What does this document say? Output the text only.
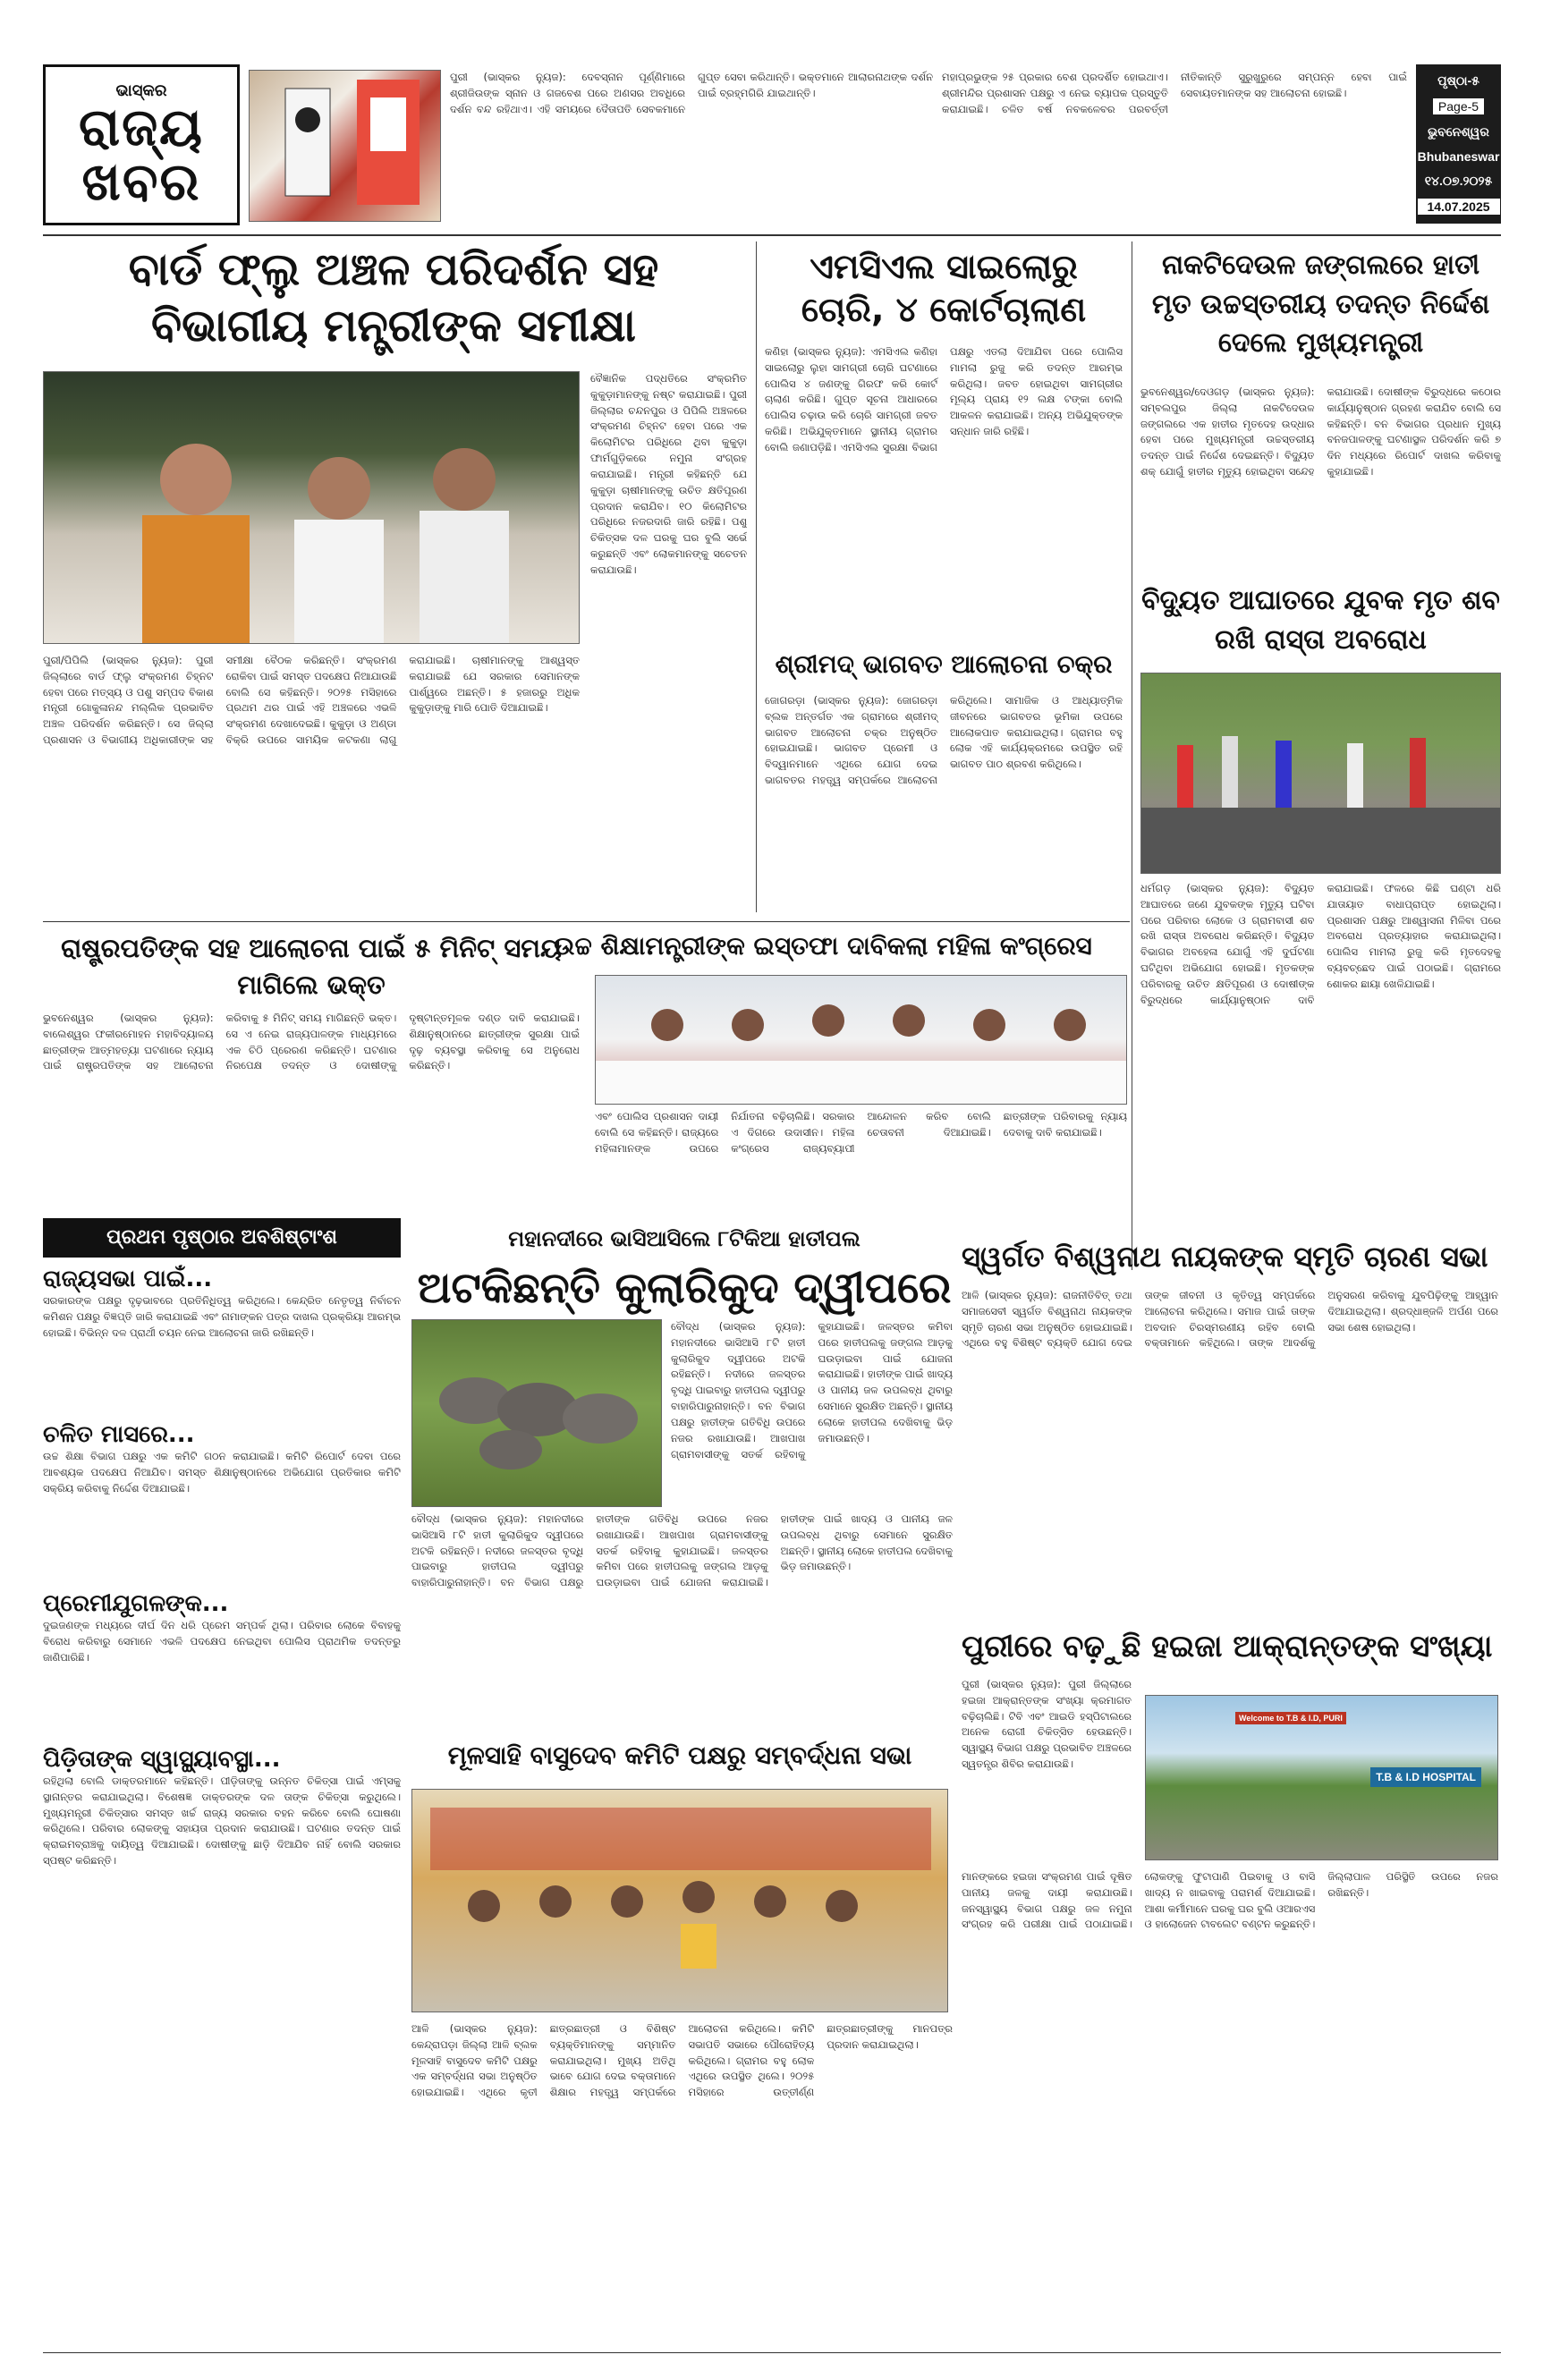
ଭାସ୍କର
ରାଜ୍ୟ
ଖବର
ପୁରୀ (ଭାସ୍କର ନ୍ୟୁଜ): ଦେବସ୍ନାନ ପୂର୍ଣ୍ଣିମାରେ ଶ୍ରୀଜିଉଙ୍କ ସ୍ନାନ ଓ ଗଜବେଶ ପରେ ଅଣସର ଅବଧିରେ ଦର୍ଶନ ବନ୍ଦ ରହିଥାଏ। ଏହି ସମୟରେ ଦୈତାପତି ସେବକମାନେ ଗୁପ୍ତ ସେବା କରିଥାନ୍ତି। ଭକ୍ତମାନେ ଆଲାରନାଥଙ୍କ ଦର୍ଶନ ପାଇଁ ବ୍ରହ୍ମଗିରି ଯାଇଥାନ୍ତି।
ମହାପ୍ରଭୁଙ୍କ ୨୫ ପ୍ରକାର ବେଶ ପ୍ରଦର୍ଶିତ ହୋଇଥାଏ। ଶ୍ରୀମନ୍ଦିର ପ୍ରଶାସନ ପକ୍ଷରୁ ଏ ନେଇ ବ୍ୟାପକ ପ୍ରସ୍ତୁତି କରାଯାଇଛି। ଚଳିତ ବର୍ଷ ନବକଳେବର ପରବର୍ତ୍ତୀ ନୀତିକାନ୍ତି ସୁରୁଖୁରୁରେ ସମ୍ପନ୍ନ ହେବା ପାଇଁ ସେବାୟତମାନଙ୍କ ସହ ଆଲୋଚନା ହୋଇଛି।
ପୃଷ୍ଠା-୫
Page-5
ଭୁବନେଶ୍ୱର
Bhubaneswar
୧୪.୦୭.୨୦୨୫
14.07.2025
ବାର୍ଡ ଫ୍ଲୁ ଅଞ୍ଚଳ ପରିଦର୍ଶନ ସହ ବିଭାଗୀୟ ମନ୍ତ୍ରୀଙ୍କ ସମୀକ୍ଷା
ବୈଜ୍ଞାନିକ ପଦ୍ଧତିରେ ସଂକ୍ରମିତ କୁକୁଡ଼ାମାନଙ୍କୁ ନଷ୍ଟ କରାଯାଇଛି। ପୁରୀ ଜିଲ୍ଲାର ଚନ୍ଦନପୁର ଓ ପିପିଲି ଅଞ୍ଚଳରେ ସଂକ୍ରମଣ ଚିହ୍ନଟ ହେବା ପରେ ଏକ କିଲୋମିଟର ପରିଧିରେ ଥିବା କୁକୁଡ଼ା ଫାର୍ମଗୁଡ଼ିକରେ ନମୁନା ସଂଗ୍ରହ କରାଯାଇଛି। ମନ୍ତ୍ରୀ କହିଛନ୍ତି ଯେ କୁକୁଡ଼ା ଚାଷୀମାନଙ୍କୁ ଉଚିତ କ୍ଷତିପୂରଣ ପ୍ରଦାନ କରାଯିବ। ୧୦ କିଲୋମିଟର ପରିଧିରେ ନଜରଦାରି ଜାରି ରହିଛି। ପଶୁ ଚିକିତ୍ସକ ଦଳ ଘରକୁ ଘର ବୁଲି ସର୍ଭେ କରୁଛନ୍ତି ଏବଂ ଲୋକମାନଙ୍କୁ ସଚେତନ କରାଯାଉଛି।
ପୁରୀ/ପିପିଲି (ଭାସ୍କର ନ୍ୟୁଜ): ପୁରୀ ଜିଲ୍ଲାରେ ବାର୍ଡ ଫ୍ଲୁ ସଂକ୍ରମଣ ଚିହ୍ନଟ ହେବା ପରେ ମତ୍ସ୍ୟ ଓ ପଶୁ ସମ୍ପଦ ବିକାଶ ମନ୍ତ୍ରୀ ଗୋକୁଳାନନ୍ଦ ମଲ୍ଲିକ ପ୍ରଭାବିତ ଅଞ୍ଚଳ ପରିଦର୍ଶନ କରିଛନ୍ତି। ସେ ଜିଲ୍ଲା ପ୍ରଶାସନ ଓ ବିଭାଗୀୟ ଅଧିକାରୀଙ୍କ ସହ ସମୀକ୍ଷା ବୈଠକ କରିଛନ୍ତି। ସଂକ୍ରମଣ ରୋକିବା ପାଇଁ ସମସ୍ତ ପଦକ୍ଷେପ ନିଆଯାଉଛି ବୋଲି ସେ କହିଛନ୍ତି। ୨୦୨୫ ମସିହାରେ ପ୍ରଥମ ଥର ପାଇଁ ଏହି ଅଞ୍ଚଳରେ ଏଭଳି ସଂକ୍ରମଣ ଦେଖାଦେଇଛି। କୁକୁଡ଼ା ଓ ଅଣ୍ଡା ବିକ୍ରି ଉପରେ ସାମୟିକ କଟକଣା ଲାଗୁ କରାଯାଇଛି। ଚାଷୀମାନଙ୍କୁ ଆଶ୍ୱସ୍ତ କରାଯାଇଛି ଯେ ସରକାର ସେମାନଙ୍କ ପାର୍ଶ୍ୱରେ ଅଛନ୍ତି। ୫ ହଜାରରୁ ଅଧିକ କୁକୁଡ଼ାଙ୍କୁ ମାରି ପୋତି ଦିଆଯାଇଛି।
ଏମସିଏଲ ସାଇଲୋରୁ ଚୋରି, ୪ କୋର୍ଟଚାଲାଣ
କଣିହା (ଭାସ୍କର ନ୍ୟୁଜ): ଏମସିଏଲ କଣିହା ସାଇଲୋରୁ ଲୁହା ସାମଗ୍ରୀ ଚୋରି ଘଟଣାରେ ପୋଲିସ ୪ ଜଣଙ୍କୁ ଗିରଫ କରି କୋର୍ଟ ଚାଲାଣ କରିଛି। ଗୁପ୍ତ ସୂଚନା ଆଧାରରେ ପୋଲିସ ଚଢ଼ାଉ କରି ଚୋରି ସାମଗ୍ରୀ ଜବତ କରିଛି। ଅଭିଯୁକ୍ତମାନେ ସ୍ଥାନୀୟ ଗ୍ରାମର ବୋଲି ଜଣାପଡ଼ିଛି। ଏମସିଏଲ ସୁରକ୍ଷା ବିଭାଗ ପକ୍ଷରୁ ଏତଲା ଦିଆଯିବା ପରେ ପୋଲିସ ମାମଲା ରୁଜୁ କରି ତଦନ୍ତ ଆରମ୍ଭ କରିଥିଲା। ଜବତ ହୋଇଥିବା ସାମଗ୍ରୀର ମୂଲ୍ୟ ପ୍ରାୟ ୧୨ ଲକ୍ଷ ଟଙ୍କା ବୋଲି ଆକଳନ କରାଯାଇଛି। ଅନ୍ୟ ଅଭିଯୁକ୍ତଙ୍କ ସନ୍ଧାନ ଜାରି ରହିଛି।
ନାକଟିଦେଉଳ ଜଙ୍ଗଲରେ ହାତୀ ମୃତ ଉଚ୍ଚସ୍ତରୀୟ ତଦନ୍ତ ନିର୍ଦ୍ଦେଶ ଦେଲେ ମୁଖ୍ୟମନ୍ତ୍ରୀ
ଭୁବନେଶ୍ୱର/ଦେଓଗଡ଼ (ଭାସ୍କର ନ୍ୟୁଜ): ସମ୍ବଲପୁର ଜିଲ୍ଲା ନାକଟିଦେଉଳ ଜଙ୍ଗଲରେ ଏକ ହାତୀର ମୃତଦେହ ଉଦ୍ଧାର ହେବା ପରେ ମୁଖ୍ୟମନ୍ତ୍ରୀ ଉଚ୍ଚସ୍ତରୀୟ ତଦନ୍ତ ପାଇଁ ନିର୍ଦ୍ଦେଶ ଦେଇଛନ୍ତି। ବିଦ୍ୟୁତ ଶକ୍ ଯୋଗୁଁ ହାତୀର ମୃତ୍ୟୁ ହୋଇଥିବା ସନ୍ଦେହ କରାଯାଉଛି। ଦୋଷୀଙ୍କ ବିରୁଦ୍ଧରେ କଠୋର କାର୍ଯ୍ୟାନୁଷ୍ଠାନ ଗ୍ରହଣ କରାଯିବ ବୋଲି ସେ କହିଛନ୍ତି। ବନ ବିଭାଗର ପ୍ରଧାନ ମୁଖ୍ୟ ବନଜପାଳଙ୍କୁ ଘଟଣାସ୍ଥଳ ପରିଦର୍ଶନ କରି ୭ ଦିନ ମଧ୍ୟରେ ରିପୋର୍ଟ ଦାଖଲ କରିବାକୁ କୁହାଯାଇଛି।
ବିଦ୍ୟୁତ ଆଘାତରେ ଯୁବକ ମୃତ ଶବ ରଖି ରାସ୍ତା ଅବରୋଧ
ଧର୍ମଗଡ଼ (ଭାସ୍କର ନ୍ୟୁଜ): ବିଦ୍ୟୁତ ଆଘାତରେ ଜଣେ ଯୁବକଙ୍କ ମୃତ୍ୟୁ ଘଟିବା ପରେ ପରିବାର ଲୋକେ ଓ ଗ୍ରାମବାସୀ ଶବ ରଖି ରାସ୍ତା ଅବରୋଧ କରିଛନ୍ତି। ବିଦ୍ୟୁତ ବିଭାଗର ଅବହେଳା ଯୋଗୁଁ ଏହି ଦୁର୍ଘଟଣା ଘଟିଥିବା ଅଭିଯୋଗ ହୋଇଛି। ମୃତକଙ୍କ ପରିବାରକୁ ଉଚିତ କ୍ଷତିପୂରଣ ଓ ଦୋଷୀଙ୍କ ବିରୁଦ୍ଧରେ କାର୍ଯ୍ୟାନୁଷ୍ଠାନ ଦାବି କରାଯାଇଛି। ଫଳରେ କିଛି ଘଣ୍ଟା ଧରି ଯାତାୟାତ ବାଧାପ୍ରାପ୍ତ ହୋଇଥିଲା। ପ୍ରଶାସନ ପକ୍ଷରୁ ଆଶ୍ୱାସନା ମିଳିବା ପରେ ଅବରୋଧ ପ୍ରତ୍ୟାହାର କରାଯାଇଥିଲା। ପୋଲିସ ମାମଲା ରୁଜୁ କରି ମୃତଦେହକୁ ବ୍ୟବଚ୍ଛେଦ ପାଇଁ ପଠାଇଛି। ଗ୍ରାମରେ ଶୋକର ଛାୟା ଖେଳିଯାଇଛି।
ଶ୍ରୀମଦ୍ ଭାଗବତ ଆଲୋଚନା ଚକ୍ର
ଜୋଗରଡ଼ା (ଭାସ୍କର ନ୍ୟୁଜ): ଜୋଗରଡ଼ା ବ୍ଲକ ଅନ୍ତର୍ଗତ ଏକ ଗ୍ରାମରେ ଶ୍ରୀମଦ୍ ଭାଗବତ ଆଲୋଚନା ଚକ୍ର ଅନୁଷ୍ଠିତ ହୋଇଯାଇଛି। ଭାଗବତ ପ୍ରେମୀ ଓ ବିଦ୍ୱାନମାନେ ଏଥିରେ ଯୋଗ ଦେଇ ଭାଗବତର ମହତ୍ତ୍ୱ ସମ୍ପର୍କରେ ଆଲୋଚନା କରିଥିଲେ। ସାମାଜିକ ଓ ଆଧ୍ୟାତ୍ମିକ ଜୀବନରେ ଭାଗବତର ଭୂମିକା ଉପରେ ଆଲୋକପାତ କରାଯାଇଥିଲା। ଗ୍ରାମର ବହୁ ଲୋକ ଏହି କାର୍ଯ୍ୟକ୍ରମରେ ଉପସ୍ଥିତ ରହି ଭାଗବତ ପାଠ ଶ୍ରବଣ କରିଥିଲେ।
ରାଷ୍ଟ୍ରପତିଙ୍କ ସହ ଆଲୋଚନା ପାଇଁ ୫ ମିନିଟ୍ ସମୟ ମାଗିଲେ ଭକ୍ତ
ଭୁବନେଶ୍ୱର (ଭାସ୍କର ନ୍ୟୁଜ): ବାଲେଶ୍ୱର ଫକୀରମୋହନ ମହାବିଦ୍ୟାଳୟ ଛାତ୍ରୀଙ୍କ ଆତ୍ମହତ୍ୟା ଘଟଣାରେ ନ୍ୟାୟ ପାଇଁ ରାଷ୍ଟ୍ରପତିଙ୍କ ସହ ଆଲୋଚନା କରିବାକୁ ୫ ମିନିଟ୍ ସମୟ ମାଗିଛନ୍ତି ଭକ୍ତ। ସେ ଏ ନେଇ ରାଜ୍ୟପାଳଙ୍କ ମାଧ୍ୟମରେ ଏକ ଚିଠି ପ୍ରେରଣ କରିଛନ୍ତି। ଘଟଣାର ନିରପେକ୍ଷ ତଦନ୍ତ ଓ ଦୋଷୀଙ୍କୁ ଦୃଷ୍ଟାନ୍ତମୂଳକ ଦଣ୍ଡ ଦାବି କରାଯାଇଛି। ଶିକ୍ଷାନୁଷ୍ଠାନରେ ଛାତ୍ରୀଙ୍କ ସୁରକ୍ଷା ପାଇଁ ଦୃଢ଼ ବ୍ୟବସ୍ଥା କରିବାକୁ ସେ ଅନୁରୋଧ କରିଛନ୍ତି।
ଉଚ୍ଚ ଶିକ୍ଷାମନ୍ତ୍ରୀଙ୍କ ଇସ୍ତଫା ଦାବିକଲା ମହିଳା କଂଗ୍ରେସ
ଏବଂ ପୋଲିସ ପ୍ରଶାସନ ଦାୟୀ ବୋଲି ସେ କହିଛନ୍ତି। ରାଜ୍ୟରେ ମହିଳାମାନଙ୍କ ଉପରେ ନିର୍ଯାତନା ବଢ଼ିଚାଲିଛି। ସରକାର ଏ ଦିଗରେ ଉଦାସୀନ। ମହିଳା କଂଗ୍ରେସ ରାଜ୍ୟବ୍ୟାପୀ ଆନ୍ଦୋଳନ କରିବ ବୋଲି ଚେତାବନୀ ଦିଆଯାଇଛି। ଛାତ୍ରୀଙ୍କ ପରିବାରକୁ ନ୍ୟାୟ ଦେବାକୁ ଦାବି କରାଯାଇଛି।
ପ୍ରଥମ ପୃଷ୍ଠାର ଅବଶିଷ୍ଟାଂଶ
ରାଜ୍ୟସଭା ପାଇଁ...
ସରକାରଙ୍କ ପକ୍ଷରୁ ଦୃଢ଼ଭାବରେ ପ୍ରତିନିଧିତ୍ୱ କରିଥିଲେ। କେନ୍ଦ୍ରିତ ନେତୃତ୍ୱ ନିର୍ବାଚନ କମିଶନ ପକ୍ଷରୁ ବିଜ୍ଞପ୍ତି ଜାରି କରାଯାଇଛି ଏବଂ ନାମାଙ୍କନ ପତ୍ର ଦାଖଲ ପ୍ରକ୍ରିୟା ଆରମ୍ଭ ହୋଇଛି। ବିଭିନ୍ନ ଦଳ ପ୍ରାର୍ଥୀ ଚୟନ ନେଇ ଆଲୋଚନା ଜାରି ରଖିଛନ୍ତି।
ଚଳିତ ମାସରେ...
ଉଚ୍ଚ ଶିକ୍ଷା ବିଭାଗ ପକ୍ଷରୁ ଏକ କମିଟି ଗଠନ କରାଯାଇଛି। କମିଟି ରିପୋର୍ଟ ଦେବା ପରେ ଆବଶ୍ୟକ ପଦକ୍ଷେପ ନିଆଯିବ। ସମସ୍ତ ଶିକ୍ଷାନୁଷ୍ଠାନରେ ଅଭିଯୋଗ ପ୍ରତିକାର କମିଟି ସକ୍ରିୟ କରିବାକୁ ନିର୍ଦ୍ଦେଶ ଦିଆଯାଇଛି।
ପ୍ରେମୀଯୁଗଳଙ୍କ...
ଦୁଇଜଣଙ୍କ ମଧ୍ୟରେ ଦୀର୍ଘ ଦିନ ଧରି ପ୍ରେମ ସମ୍ପର୍କ ଥିଲା। ପରିବାର ଲୋକେ ବିବାହକୁ ବିରୋଧ କରିବାରୁ ସେମାନେ ଏଭଳି ପଦକ୍ଷେପ ନେଇଥିବା ପୋଲିସ ପ୍ରାଥମିକ ତଦନ୍ତରୁ ଜାଣିପାରିଛି।
ପିଡ଼ିତାଙ୍କ ସ୍ୱାସ୍ଥ୍ୟାବସ୍ଥା...
ରହିଥିଲା ବୋଲି ଡାକ୍ତରମାନେ କହିଛନ୍ତି। ପୀଡ଼ିତାଙ୍କୁ ଉନ୍ନତ ଚିକିତ୍ସା ପାଇଁ ଏମ୍ସକୁ ସ୍ଥାନାନ୍ତର କରାଯାଇଥିଲା। ବିଶେଷଜ୍ଞ ଡାକ୍ତରଙ୍କ ଦଳ ତାଙ୍କ ଚିକିତ୍ସା କରୁଥିଲେ। ମୁଖ୍ୟମନ୍ତ୍ରୀ ଚିକିତ୍ସାର ସମସ୍ତ ଖର୍ଚ୍ଚ ରାଜ୍ୟ ସରକାର ବହନ କରିବେ ବୋଲି ଘୋଷଣା କରିଥିଲେ। ପରିବାର ଲୋକଙ୍କୁ ସହାୟତା ପ୍ରଦାନ କରାଯାଉଛି। ଘଟଣାର ତଦନ୍ତ ପାଇଁ କ୍ରାଇମବ୍ରାଞ୍ଚକୁ ଦାୟିତ୍ୱ ଦିଆଯାଇଛି। ଦୋଷୀଙ୍କୁ ଛାଡ଼ି ଦିଆଯିବ ନାହିଁ ବୋଲି ସରକାର ସ୍ପଷ୍ଟ କରିଛନ୍ତି।
ମହାନଦୀରେ ଭାସିଆସିଲେ ୮ଟିକିଆ ହାତୀପଲ
ଅଟକିଛନ୍ତି କୁଲାରିକୁଦ ଦ୍ୱୀପରେ
ବୌଦ୍ଧ (ଭାସ୍କର ନ୍ୟୁଜ): ମହାନଦୀରେ ଭାସିଆସି ୮ଟି ହାତୀ କୁଲାରିକୁଦ ଦ୍ୱୀପରେ ଅଟକି ରହିଛନ୍ତି। ନଦୀରେ ଜଳସ୍ତର ବୃଦ୍ଧି ପାଇବାରୁ ହାତୀପଲ ଦ୍ୱୀପରୁ ବାହାରିପାରୁନାହାନ୍ତି। ବନ ବିଭାଗ ପକ୍ଷରୁ ହାତୀଙ୍କ ଗତିବିଧି ଉପରେ ନଜର ରଖାଯାଉଛି। ଆଖପାଖ ଗ୍ରାମବାସୀଙ୍କୁ ସତର୍କ ରହିବାକୁ କୁହାଯାଇଛି। ଜଳସ୍ତର କମିବା ପରେ ହାତୀପଲକୁ ଜଙ୍ଗଲ ଆଡ଼କୁ ଘଉଡ଼ାଇବା ପାଇଁ ଯୋଜନା କରାଯାଇଛି। ହାତୀଙ୍କ ପାଇଁ ଖାଦ୍ୟ ଓ ପାନୀୟ ଜଳ ଉପଲବ୍ଧ ଥିବାରୁ ସେମାନେ ସୁରକ୍ଷିତ ଅଛନ୍ତି। ସ୍ଥାନୀୟ ଲୋକେ ହାତୀପଲ ଦେଖିବାକୁ ଭିଡ଼ ଜମାଉଛନ୍ତି।
ବୌଦ୍ଧ (ଭାସ୍କର ନ୍ୟୁଜ): ମହାନଦୀରେ ଭାସିଆସି ୮ଟି ହାତୀ କୁଲାରିକୁଦ ଦ୍ୱୀପରେ ଅଟକି ରହିଛନ୍ତି। ନଦୀରେ ଜଳସ୍ତର ବୃଦ୍ଧି ପାଇବାରୁ ହାତୀପଲ ଦ୍ୱୀପରୁ ବାହାରିପାରୁନାହାନ୍ତି। ବନ ବିଭାଗ ପକ୍ଷରୁ ହାତୀଙ୍କ ଗତିବିଧି ଉପରେ ନଜର ରଖାଯାଉଛି। ଆଖପାଖ ଗ୍ରାମବାସୀଙ୍କୁ ସତର୍କ ରହିବାକୁ କୁହାଯାଇଛି। ଜଳସ୍ତର କମିବା ପରେ ହାତୀପଲକୁ ଜଙ୍ଗଲ ଆଡ଼କୁ ଘଉଡ଼ାଇବା ପାଇଁ ଯୋଜନା କରାଯାଇଛି। ହାତୀଙ୍କ ପାଇଁ ଖାଦ୍ୟ ଓ ପାନୀୟ ଜଳ ଉପଲବ୍ଧ ଥିବାରୁ ସେମାନେ ସୁରକ୍ଷିତ ଅଛନ୍ତି। ସ୍ଥାନୀୟ ଲୋକେ ହାତୀପଲ ଦେଖିବାକୁ ଭିଡ଼ ଜମାଉଛନ୍ତି।
ସ୍ୱର୍ଗତ ବିଶ୍ୱନାଥ ନାୟକଙ୍କ ସ୍ମୃତି ଚାରଣ ସଭା
ଆଳି (ଭାସ୍କର ନ୍ୟୁଜ): ରାଜନୀତିବିତ୍ ତଥା ସମାଜସେବୀ ସ୍ୱର୍ଗତ ବିଶ୍ୱନାଥ ନାୟକଙ୍କ ସ୍ମୃତି ଚାରଣ ସଭା ଅନୁଷ୍ଠିତ ହୋଇଯାଇଛି। ଏଥିରେ ବହୁ ବିଶିଷ୍ଟ ବ୍ୟକ୍ତି ଯୋଗ ଦେଇ ତାଙ୍କ ଜୀବନୀ ଓ କୃତିତ୍ୱ ସମ୍ପର୍କରେ ଆଲୋଚନା କରିଥିଲେ। ସମାଜ ପାଇଁ ତାଙ୍କ ଅବଦାନ ଚିରସ୍ମରଣୀୟ ରହିବ ବୋଲି ବକ୍ତାମାନେ କହିଥିଲେ। ତାଙ୍କ ଆଦର୍ଶକୁ ଅନୁସରଣ କରିବାକୁ ଯୁବପିଢ଼ିଙ୍କୁ ଆହ୍ୱାନ ଦିଆଯାଇଥିଲା। ଶ୍ରଦ୍ଧାଞ୍ଜଳି ଅର୍ପଣ ପରେ ସଭା ଶେଷ ହୋଇଥିଲା।
ପୁରୀରେ ବଢ଼ୁଛି ହଇଜା ଆକ୍ରାନ୍ତଙ୍କ ସଂଖ୍ୟା
ପୁରୀ (ଭାସ୍କର ନ୍ୟୁଜ): ପୁରୀ ଜିଲ୍ଲାରେ ହଇଜା ଆକ୍ରାନ୍ତଙ୍କ ସଂଖ୍ୟା କ୍ରମାଗତ ବଢ଼ିଚାଲିଛି। ଟିବି ଏବଂ ଆଇଡି ହସ୍ପିଟାଲରେ ଅନେକ ରୋଗୀ ଚିକିତ୍ସିତ ହେଉଛନ୍ତି। ସ୍ୱାସ୍ଥ୍ୟ ବିଭାଗ ପକ୍ଷରୁ ପ୍ରଭାବିତ ଅଞ୍ଚଳରେ ସ୍ୱତନ୍ତ୍ର ଶିବିର କରାଯାଉଛି।
Welcome to T.B & I.D, PURI
T.B & I.D HOSPITAL
ମାନଙ୍କରେ ହଇଜା ସଂକ୍ରମଣ ପାଇଁ ଦୂଷିତ ପାନୀୟ ଜଳକୁ ଦାୟୀ କରାଯାଉଛି। ଜନସ୍ୱାସ୍ଥ୍ୟ ବିଭାଗ ପକ୍ଷରୁ ଜଳ ନମୁନା ସଂଗ୍ରହ କରି ପରୀକ୍ଷା ପାଇଁ ପଠାଯାଇଛି। ଲୋକଙ୍କୁ ଫୁଟାପାଣି ପିଇବାକୁ ଓ ବାସି ଖାଦ୍ୟ ନ ଖାଇବାକୁ ପରାମର୍ଶ ଦିଆଯାଇଛି। ଆଶା କର୍ମୀମାନେ ଘରକୁ ଘର ବୁଲି ଓଆରଏସ ଓ ହାଲୋଜେନ ଟାବଲେଟ ବଣ୍ଟନ କରୁଛନ୍ତି। ଜିଲ୍ଲାପାଳ ପରିସ୍ଥିତି ଉପରେ ନଜର ରଖିଛନ୍ତି।
ମୂଳସାହି ବାସୁଦେବ କମିଟି ପକ୍ଷରୁ ସମ୍ବର୍ଦ୍ଧନା ସଭା
ଆଳି (ଭାସ୍କର ନ୍ୟୁଜ): କେନ୍ଦ୍ରାପଡ଼ା ଜିଲ୍ଲା ଆଳି ବ୍ଲକ ମୂଳସାହି ବାସୁଦେବ କମିଟି ପକ୍ଷରୁ ଏକ ସମ୍ବର୍ଦ୍ଧନା ସଭା ଅନୁଷ୍ଠିତ ହୋଇଯାଇଛି। ଏଥିରେ କୃତୀ ଛାତ୍ରଛାତ୍ରୀ ଓ ବିଶିଷ୍ଟ ବ୍ୟକ୍ତିମାନଙ୍କୁ ସମ୍ମାନିତ କରାଯାଇଥିଲା। ମୁଖ୍ୟ ଅତିଥି ଭାବେ ଯୋଗ ଦେଇ ବକ୍ତାମାନେ ଶିକ୍ଷାର ମହତ୍ତ୍ୱ ସମ୍ପର୍କରେ ଆଲୋଚନା କରିଥିଲେ। କମିଟି ସଭାପତି ସଭାରେ ପୌରୋହିତ୍ୟ କରିଥିଲେ। ଗ୍ରାମର ବହୁ ଲୋକ ଏଥିରେ ଉପସ୍ଥିତ ଥିଲେ। ୨୦୨୫ ମସିହାରେ ଉତ୍ତୀର୍ଣ୍ଣ ଛାତ୍ରଛାତ୍ରୀଙ୍କୁ ମାନପତ୍ର ପ୍ରଦାନ କରାଯାଇଥିଲା।
